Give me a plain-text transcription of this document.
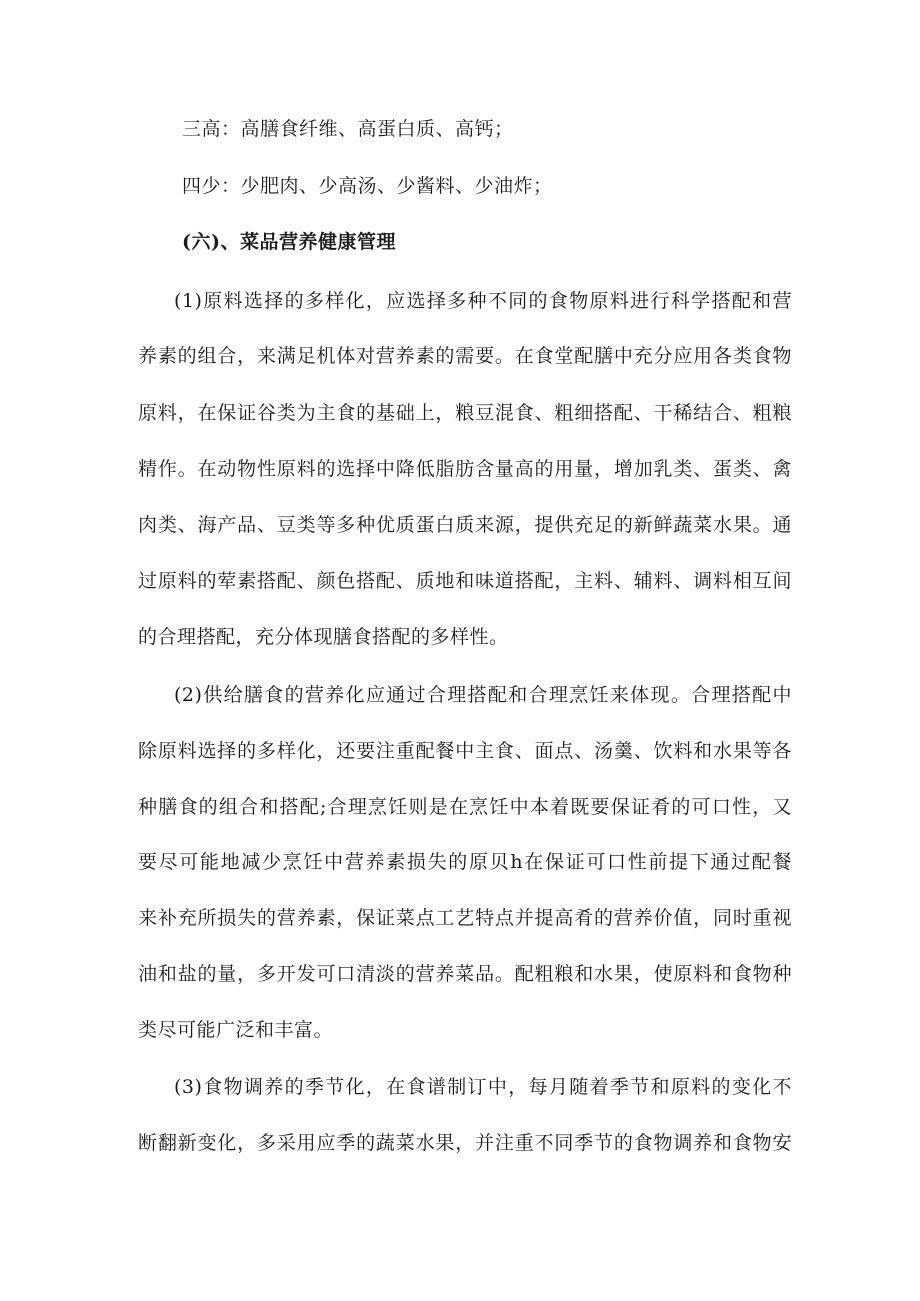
三高：高膳食纤维、高蛋白质、高钙；

四少：少肥肉、少高汤、少酱料、少油炸；

(六)、菜品营养健康管理

(1)原料选择的多样化，应选择多种不同的食物原料进行科学搭配和营

养素的组合，来满足机体对营养素的需要。在食堂配膳中充分应用各类食物

原料，在保证谷类为主食的基础上，粮豆混食、粗细搭配、干稀结合、粗粮

精作。在动物性原料的选择中降低脂肪含量高的用量，增加乳类、蛋类、禽

肉类、海产品、豆类等多种优质蛋白质来源，提供充足的新鲜蔬菜水果。通

过原料的荤素搭配、颜色搭配、质地和味道搭配，主料、辅料、调料相互间

的合理搭配，充分体现膳食搭配的多样性。

(2)供给膳食的营养化应通过合理搭配和合理烹饪来体现。合理搭配中

除原料选择的多样化，还要注重配餐中主食、面点、汤羹、饮料和水果等各

种膳食的组合和搭配;合理烹饪则是在烹饪中本着既要保证肴的可口性，又

要尽可能地减少烹饪中营养素损失的原贝h在保证可口性前提下通过配餐

来补充所损失的营养素，保证菜点工艺特点并提高肴的营养价值，同时重视

油和盐的量，多开发可口清淡的营养菜品。配粗粮和水果，使原料和食物种

类尽可能广泛和丰富。

(3)食物调养的季节化，在食谱制订中，每月随着季节和原料的变化不

断翻新变化，多采用应季的蔬菜水果，并注重不同季节的食物调养和食物安
